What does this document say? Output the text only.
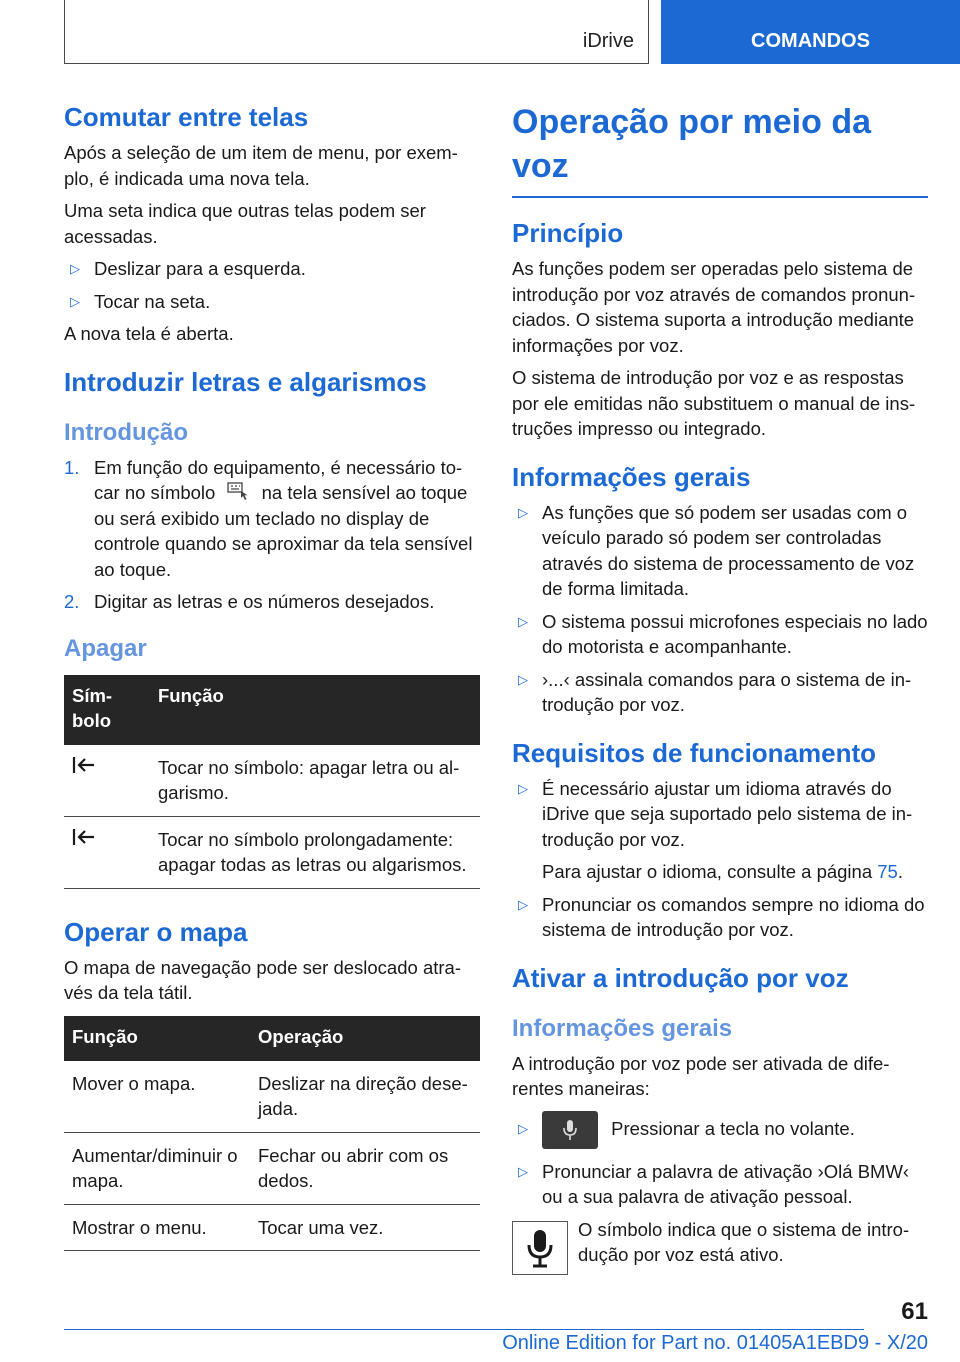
iDrive	COMANDOS
Comutar entre telas

Após a seleção de um item de menu, por exem- plo, é indicada uma nova tela.

Uma seta indica que outras telas podem ser acessadas.

▷ Deslizar para a esquerda.
▷ Tocar na seta.

A nova tela é aberta.

Introduzir letras e algarismos
Introdução
1. Em função do equipamento, é necessário to- car no símbolo	na tela sensível ao toque ou será exibido um teclado no display de controle quando se aproximar da tela sensível ao toque.
2. Digitar as letras e os números desejados.
Apagar
Sím- bolo	Função
	Tocar no símbolo: apagar letra ou al- garismo.
	Tocar no símbolo prolongadamente: apagar todas as letras ou algarismos.
Operar o mapa

O mapa de navegação pode ser deslocado atra- vés da tela tátil.

Função	Operação
Mover o mapa.	Deslizar na direção dese- jada.
Aumentar/diminuir o mapa.	Fechar ou abrir com os dedos.
Mostrar o menu.	Tocar uma vez.
Operação por meio da voz
Princípio

As funções podem ser operadas pelo sistema de introdução por voz através de comandos pronun- ciados. O sistema suporta a introdução mediante informações por voz.

O sistema de introdução por voz e as respostas por ele emitidas não substituem o manual de ins- truções impresso ou integrado.

Informações gerais
▷ As funções que só podem ser usadas com o veículo parado só podem ser controladas através do sistema de processamento de voz de forma limitada.
▷ O sistema possui microfones especiais no lado do motorista e acompanhante.
▷ ›...‹ assinala comandos para o sistema de in- trodução por voz.
Requisitos de funcionamento
▷ É necessário ajustar um idioma através do iDrive que seja suportado pelo sistema de in- trodução por voz.
Para ajustar o idioma, consulte a página 75.
▷ Pronunciar os comandos sempre no idioma do sistema de introdução por voz.
Ativar a introdução por voz
Informações gerais

A introdução por voz pode ser ativada de dife- rentes maneiras:

▷	Pressionar a tecla no volante.
▷ Pronunciar a palavra de ativação ›Olá BMW‹ ou a sua palavra de ativação pessoal.
O símbolo indica que o sistema de intro- dução por voz está ativo.
61
Online Edition for Part no. 01405A1EBD9 - X/20
